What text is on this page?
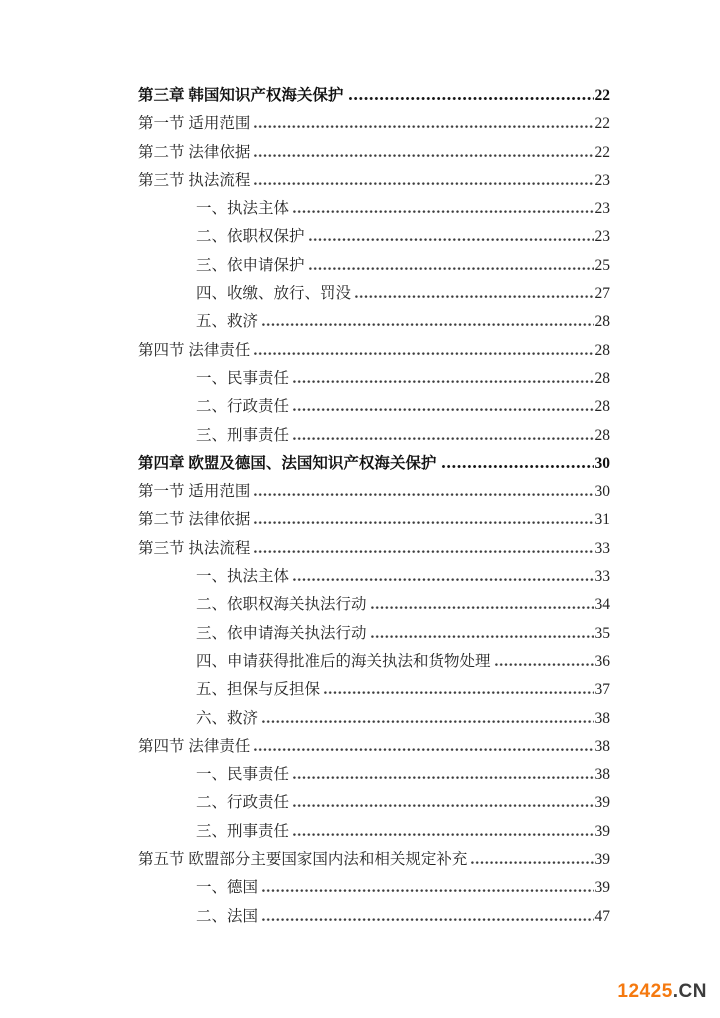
第三章 韩国知识产权海关保护	22
第一节 适用范围	22
第二节 法律依据	22
第三节 执法流程	23
一、执法主体	23
二、依职权保护	23
三、依申请保护	25
四、收缴、放行、罚没	27
五、救济	28
第四节 法律责任	28
一、民事责任	28
二、行政责任	28
三、刑事责任	28
第四章 欧盟及德国、法国知识产权海关保护	30
第一节 适用范围	30
第二节 法律依据	31
第三节 执法流程	33
一、执法主体	33
二、依职权海关执法行动	34
三、依申请海关执法行动	35
四、申请获得批准后的海关执法和货物处理	36
五、担保与反担保	37
六、救济	38
第四节 法律责任	38
一、民事责任	38
二、行政责任	39
三、刑事责任	39
第五节 欧盟部分主要国家国内法和相关规定补充	39
一、德国	39
二、法国	47
12425.CN
